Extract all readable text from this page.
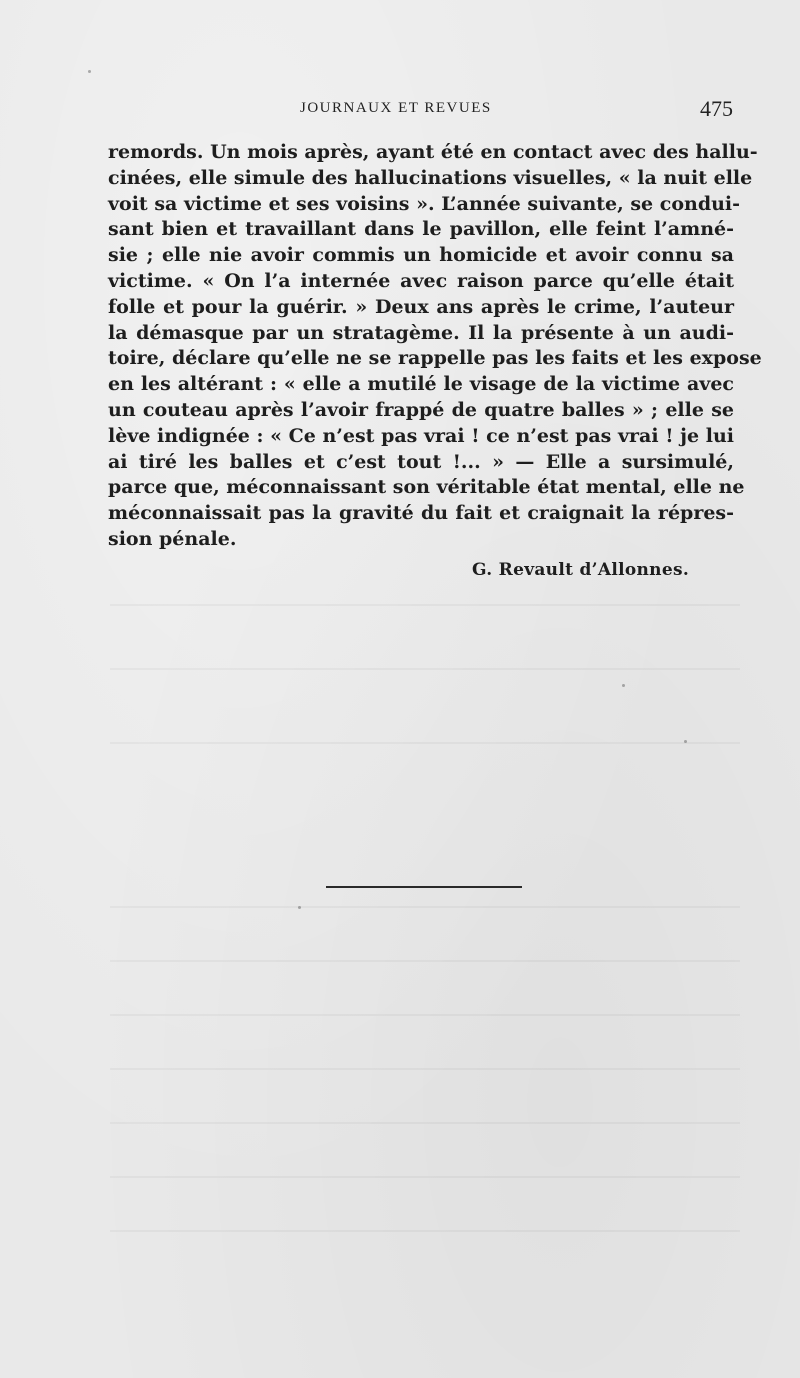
JOURNAUX ET REVUES	475
remords. Un mois après, ayant été en contact avec des hallu-
cinées, elle simule des hallucinations visuelles, « la nuit elle
voit sa victime et ses voisins ». L’année suivante, se condui-
sant bien et travaillant dans le pavillon, elle feint l’amné-
sie ; elle nie avoir commis un homicide et avoir connu sa
victime. « On l’a internée avec raison parce qu’elle était
folle et pour la guérir. » Deux ans après le crime, l’auteur
la démasque par un stratagème. Il la présente à un audi-
toire, déclare qu’elle ne se rappelle pas les faits et les expose
en les altérant : « elle a mutilé le visage de la victime avec
un couteau après l’avoir frappé de quatre balles » ; elle se
lève indignée : « Ce n’est pas vrai ! ce n’est pas vrai ! je lui
ai tiré les balles et c’est tout !... » — Elle a sursimulé,
parce que, méconnaissant son véritable état mental, elle ne
méconnaissait pas la gravité du fait et craignait la répres-
sion pénale.
G. Revault d’Allonnes.
